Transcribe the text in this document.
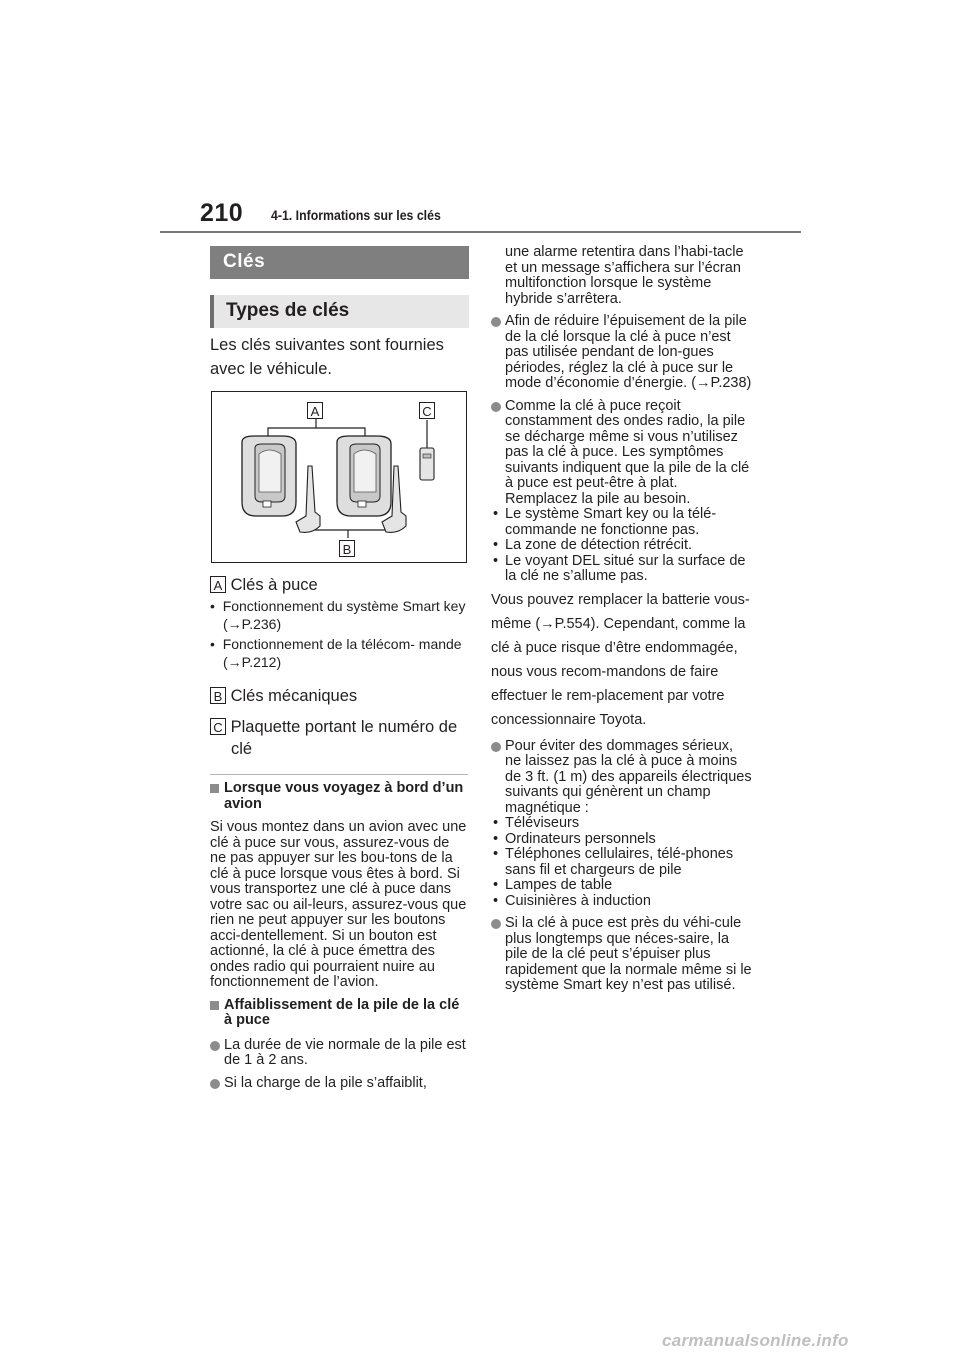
210 4-1. Informations sur les clés
Clés
Types de clés
Les clés suivantes sont fournies avec le véhicule.
A	C
B
A Clés à puce
•  Fonctionnement du système Smart key (→P.236)
•  Fonctionnement de la télécom- mande (→P.212)
B Clés mécaniques
C Plaquette portant le numéro de clé
Lorsque vous voyagez à bord d’un avion
Si vous montez dans un avion avec une clé à puce sur vous, assurez-vous de ne pas appuyer sur les bou-tons de la clé à puce lorsque vous êtes à bord. Si vous transportez une clé à puce dans votre sac ou ail-leurs, assurez-vous que rien ne peut appuyer sur les boutons acci-dentellement. Si un bouton est actionné, la clé à puce émettra des ondes radio qui pourraient nuire au fonctionnement de l’avion.
Affaiblissement de la pile de la clé à puce
La durée de vie normale de la pile est de 1 à 2 ans.
Si la charge de la pile s’affaiblit,
une alarme retentira dans l’habi-tacle et un message s’affichera sur l’écran multifonction lorsque le système hybride s’arrêtera.
Afin de réduire l’épuisement de la pile de la clé lorsque la clé à puce n’est pas utilisée pendant de lon-gues périodes, réglez la clé à puce sur le mode d’économie d’énergie. (→P.238)
Comme la clé à puce reçoit constamment des ondes radio, la pile se décharge même si vous n’utilisez pas la clé à puce. Les symptômes suivants indiquent que la pile de la clé à puce est peut-être à plat. Remplacez la pile au besoin.
• Le système Smart key ou la télé-commande ne fonctionne pas.
• La zone de détection rétrécit.
• Le voyant DEL situé sur la surface de la clé ne s’allume pas.
Vous pouvez remplacer la batterie vous-même (→P.554). Cependant, comme la clé à puce risque d’être endommagée, nous vous recom-mandons de faire effectuer le rem-placement par votre concessionnaire Toyota.
Pour éviter des dommages sérieux, ne laissez pas la clé à puce à moins de 3 ft. (1 m) des appareils électriques suivants qui génèrent un champ magnétique :
• Téléviseurs
• Ordinateurs personnels
• Téléphones cellulaires, télé-phones sans fil et chargeurs de pile
• Lampes de table
• Cuisinières à induction
Si la clé à puce est près du véhi-cule plus longtemps que néces-saire, la pile de la clé peut s’épuiser plus rapidement que la normale même si le système Smart key n’est pas utilisé.
carmanualsonline.info
